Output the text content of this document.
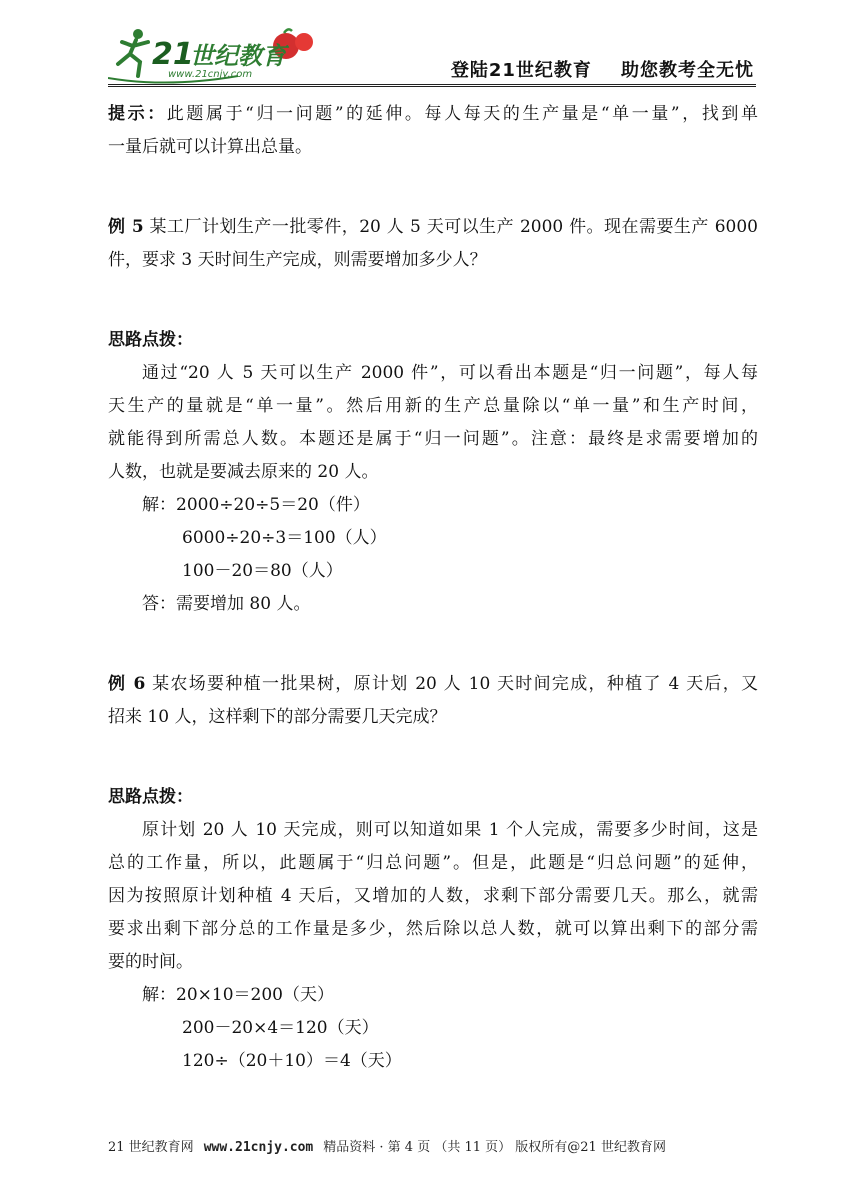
21
世纪教育
www.21cnjy.com	登陆21世纪教育    助您教考全无忧
提示：此题属于“归一问题”的延伸。每人每天的生产量是“单一量”，找到单
一量后就可以计算出总量。
例 5 某工厂计划生产一批零件，20 人 5 天可以生产 2000 件。现在需要生产 6000
件，要求 3 天时间生产完成，则需要增加多少人？
思路点拨：
通过“20 人 5 天可以生产 2000 件”，可以看出本题是“归一问题”，每人每
天生产的量就是“单一量”。然后用新的生产总量除以“单一量”和生产时间，
就能得到所需总人数。本题还是属于“归一问题”。注意：最终是求需要增加的
人数，也就是要减去原来的 20 人。
解：2000÷20÷5＝20（件）
6000÷20÷3＝100（人）
100－20＝80（人）
答：需要增加 80 人。
例 6 某农场要种植一批果树，原计划 20 人 10 天时间完成，种植了 4 天后，又
招来 10 人，这样剩下的部分需要几天完成？
思路点拨：
原计划 20 人 10 天完成，则可以知道如果 1 个人完成，需要多少时间，这是
总的工作量，所以，此题属于“归总问题”。但是，此题是“归总问题”的延伸，
因为按照原计划种植 4 天后，又增加的人数，求剩下部分需要几天。那么，就需
要求出剩下部分总的工作量是多少，然后除以总人数，就可以算出剩下的部分需
要的时间。
解：20×10＝200（天）
200－20×4＝120（天）
120÷（20＋10）＝4（天）
21 世纪教育网 www.21cnjy.com 精品资料 · 第 4 页 （共 11 页） 版权所有@21 世纪教育网
